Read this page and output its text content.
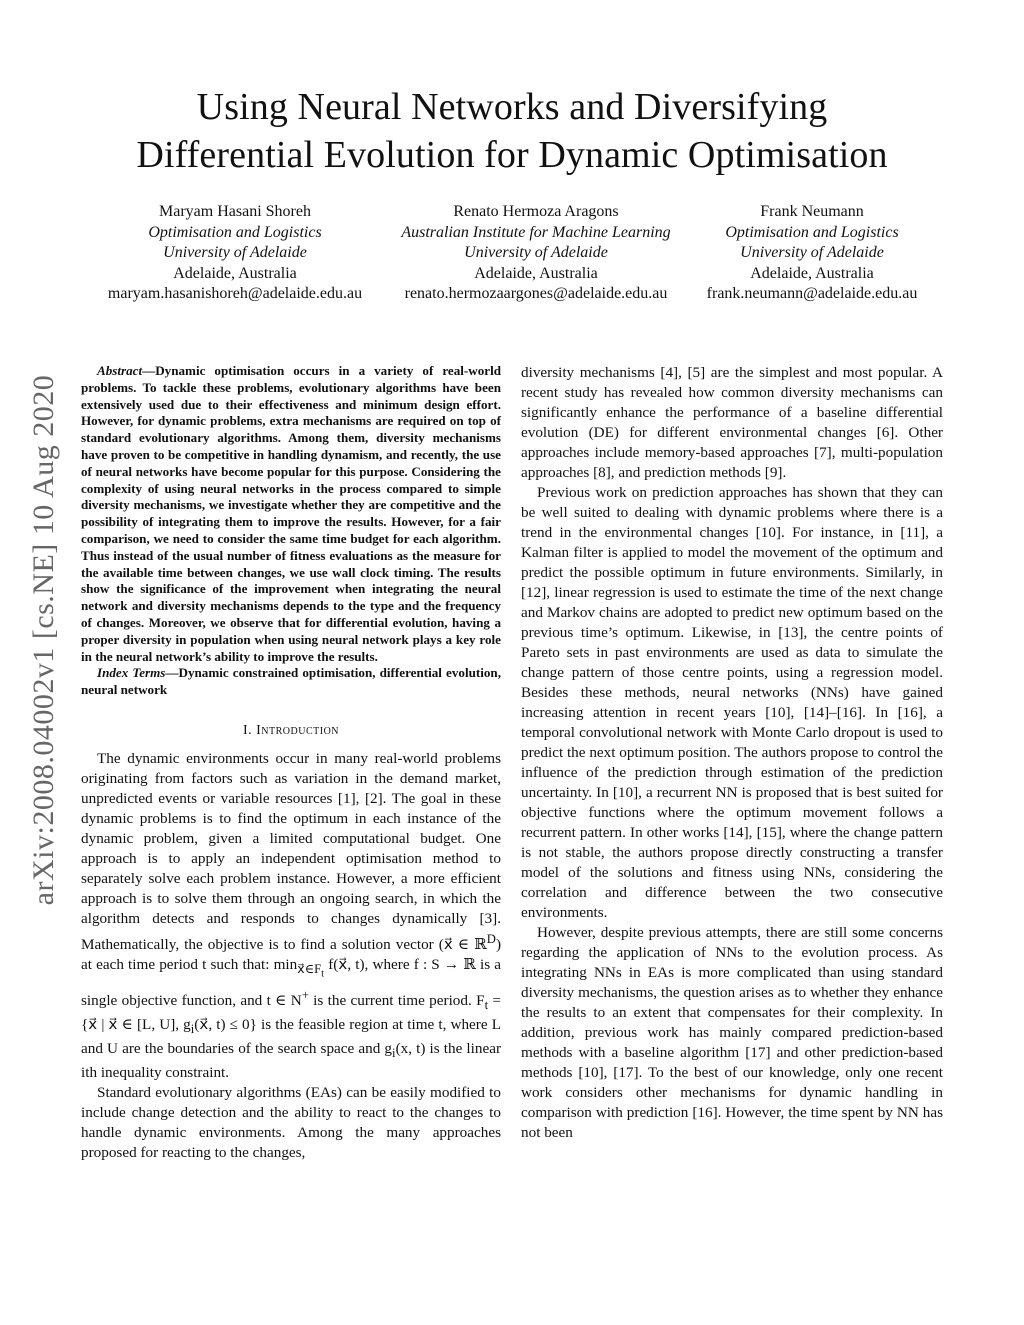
Using Neural Networks and Diversifying
Differential Evolution for Dynamic Optimisation
Maryam Hasani Shoreh
Optimisation and Logistics
University of Adelaide
Adelaide, Australia
maryam.hasanishoreh@adelaide.edu.au
Renato Hermoza Aragons
Australian Institute for Machine Learning
University of Adelaide
Adelaide, Australia
renato.hermozaargones@adelaide.edu.au
Frank Neumann
Optimisation and Logistics
University of Adelaide
Adelaide, Australia
frank.neumann@adelaide.edu.au
arXiv:2008.04002v1 [cs.NE] 10 Aug 2020

Abstract—Dynamic optimisation occurs in a variety of real-world problems. To tackle these problems, evolutionary algorithms have been extensively used due to their effectiveness and minimum design effort. However, for dynamic problems, extra mechanisms are required on top of standard evolutionary algorithms. Among them, diversity mechanisms have proven to be competitive in handling dynamism, and recently, the use of neural networks have become popular for this purpose. Considering the complexity of using neural networks in the process compared to simple diversity mechanisms, we investigate whether they are competitive and the possibility of integrating them to improve the results. However, for a fair comparison, we need to consider the same time budget for each algorithm. Thus instead of the usual number of fitness evaluations as the measure for the available time between changes, we use wall clock timing. The results show the significance of the improvement when integrating the neural network and diversity mechanisms depends to the type and the frequency of changes. Moreover, we observe that for differential evolution, having a proper diversity in population when using neural network plays a key role in the neural network’s ability to improve the results.

Index Terms—Dynamic constrained optimisation, differential evolution, neural network

I. Introduction

The dynamic environments occur in many real-world problems originating from factors such as variation in the demand market, unpredicted events or variable resources [1], [2]. The goal in these dynamic problems is to find the optimum in each instance of the dynamic problem, given a limited computational budget. One approach is to apply an independent optimisation method to separately solve each problem instance. However, a more efficient approach is to solve them through an ongoing search, in which the algorithm detects and responds to changes dynamically [3]. Mathematically, the objective is to find a solution vector (x⃗ ∈ ℝ$^D$) at each time period t such that: $\min_{x⃗\in F_t}$ f(x⃗, t), where f : S → ℝ is a single objective function, and t ∈ N+ is the current time period. $F_t$ = {x⃗ | x⃗ ∈ [L, U], $g_i(x⃗$, t) ≤ 0} is the feasible region at time t, where L and U are the boundaries of the search space and $g_i(x$, t) is the linear ith inequality constraint.

Standard evolutionary algorithms (EAs) can be easily modified to include change detection and the ability to react to the changes to handle dynamic environments. Among the many approaches proposed for reacting to the changes,

diversity mechanisms [4], [5] are the simplest and most popular. A recent study has revealed how common diversity mechanisms can significantly enhance the performance of a baseline differential evolution (DE) for different environmental changes [6]. Other approaches include memory-based approaches [7], multi-population approaches [8], and prediction methods [9].

Previous work on prediction approaches has shown that they can be well suited to dealing with dynamic problems where there is a trend in the environmental changes [10]. For instance, in [11], a Kalman filter is applied to model the movement of the optimum and predict the possible optimum in future environments. Similarly, in [12], linear regression is used to estimate the time of the next change and Markov chains are adopted to predict new optimum based on the previous time’s optimum. Likewise, in [13], the centre points of Pareto sets in past environments are used as data to simulate the change pattern of those centre points, using a regression model. Besides these methods, neural networks (NNs) have gained increasing attention in recent years [10], [14]–[16]. In [16], a temporal convolutional network with Monte Carlo dropout is used to predict the next optimum position. The authors propose to control the influence of the prediction through estimation of the prediction uncertainty. In [10], a recurrent NN is proposed that is best suited for objective functions where the optimum movement follows a recurrent pattern. In other works [14], [15], where the change pattern is not stable, the authors propose directly constructing a transfer model of the solutions and fitness using NNs, considering the correlation and difference between the two consecutive environments.

However, despite previous attempts, there are still some concerns regarding the application of NNs to the evolution process. As integrating NNs in EAs is more complicated than using standard diversity mechanisms, the question arises as to whether they enhance the results to an extent that compensates for their complexity. In addition, previous work has mainly compared prediction-based methods with a baseline algorithm [17] and other prediction-based methods [10], [17]. To the best of our knowledge, only one recent work considers other mechanisms for dynamic handling in comparison with prediction [16]. However, the time spent by NN has not been
